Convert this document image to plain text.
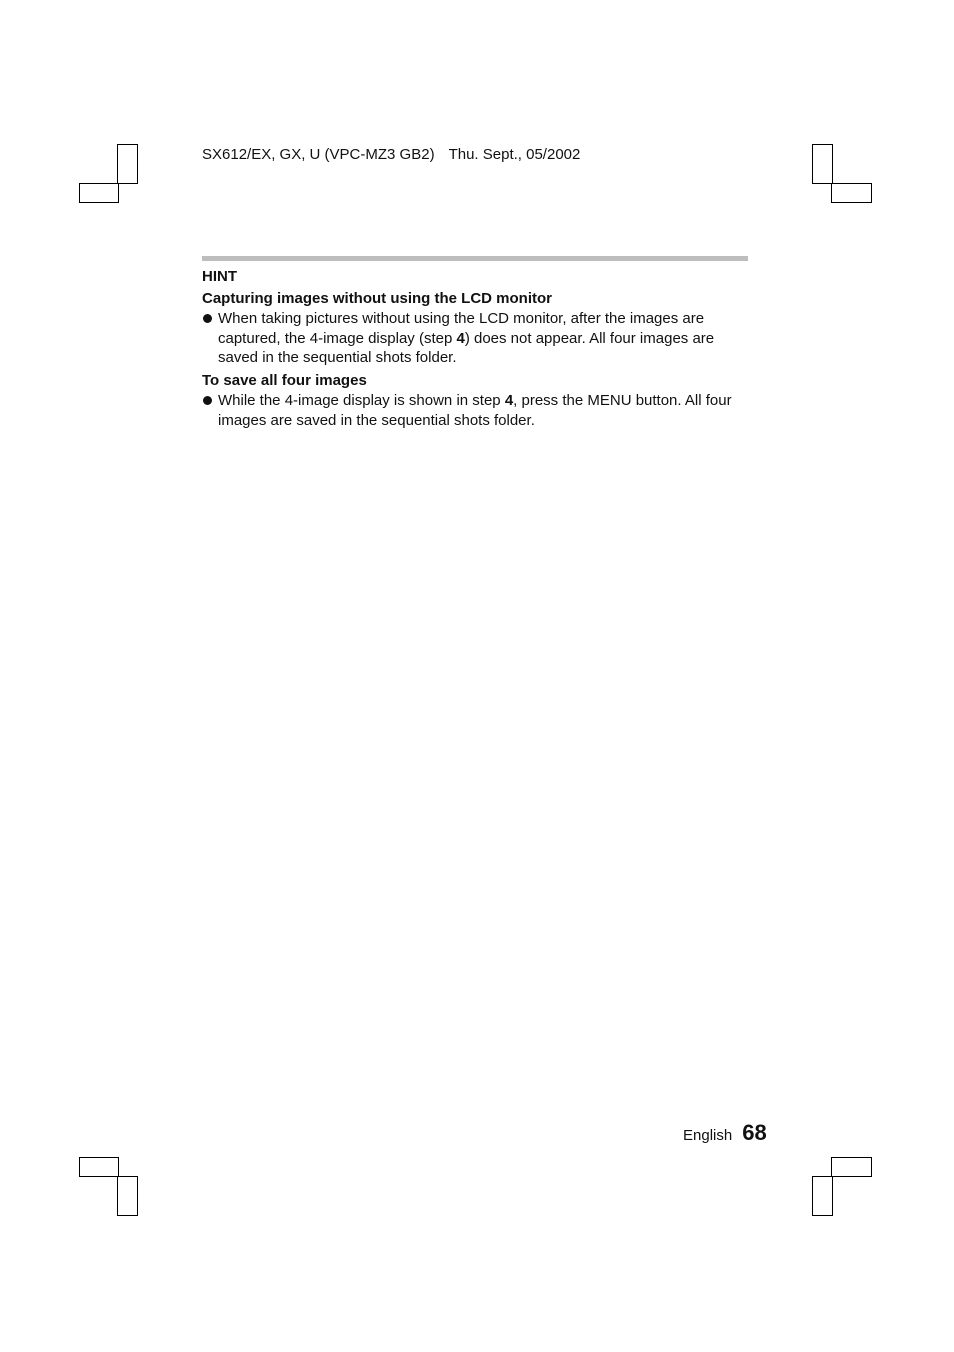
SX612/EX, GX, U (VPC-MZ3 GB2) Thu. Sept., 05/2002
HINT
Capturing images without using the LCD monitor
When taking pictures without using the LCD monitor, after the images are captured, the 4-image display (step 4) does not appear. All four images are saved in the sequential shots folder.
To save all four images
While the 4-image display is shown in step 4, press the MENU button. All four images are saved in the sequential shots folder.
English 68
